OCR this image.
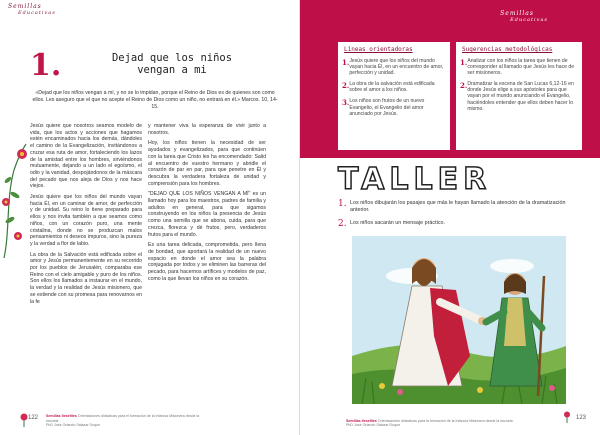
Semillas
Educativas
1.	Dejad que los niños
vengan a mi
«Dejad que los niños vengan a mí, y no se lo impidan, porque el Reino de Dios es de quienes son como ellos. Les aseguro que el que no acepte el Reino de Dios como un niño, no entrará en él.» Marcos. 10, 14-15.

Jesús quiere que nosotros seamos modelo de vida, que los actos y acciones que hagamos estén encaminados hacia los demás, dándoles el camino de la Evangelización, invitándonos a cruzar esa ruta de amor, fortaleciendo los lazos de la amistad entre los hombres, sirviéndonos mutuamente, dejando a un lado el egoísmo, el odio y la vanidad, despojándonos de la máscara del pecado que nos aleja de Dios y nos hace viejos.

Jesús quiere que los niños del mundo vayan hacia Él, en un caminar de amor, de perfección y de unidad. Su reino lo tiene preparado para ellos y nos invita también a que seamos como niños, con un corazón puro, una mente cristalina, donde no se produzcan malos pensamientos ni deseos impuros, sino la pureza y la verdad a flor de labio.

La obra de la Salvación está edificada sobre el amor y Jesús permanentemente en su recorrido por los pueblos de Jerusalén, comparaba ese Reino con el cielo amigable y puro de los niños. Son ellos los llamados a instaurar en el mundo, la verdad y la realidad de Jesús misionero, que se extiende con su promesa para renovarnos en la fe

y mantener viva la esperanza de vivir junto a nosotros.

Hoy, los niños tienen la necesidad de ser ayudados y evangelizados, para que continúen con la tarea que Cristo les ha encomendado: Salid al encuentro de vuestro hermano y abridle el corazón de par en par, para que penetre en Él y descubra la verdadera fortaleza de unidad y comprensión para los hombres.

"DEJAD QUE LOS NIÑOS VENGAN A MÍ" es un llamado hoy para los maestros, padres de familia y adultos en general, para que sigamos construyendo en los niños la presencia de Jesús como una semilla que se abona, cuida, para que crezca, florezca y dé frutos, pero, verdaderos frutos para el mundo.

Es una tarea delicada, comprometida, pero llena de bondad, que aportará la realidad de un nuevo espacio en donde el amor sea la palabra conjugada por todos y se eliminen las barreras del pecado, para hacernos artífices y modelos de paz, como la que llevan los niños en su corazón.

122 Semillas Ilesefiles Orientaciones didácticas para el formación de la Infancia Misionera desde la escuela
PhD José Orlando Salazar Duque
Semillas
Educativas
Líneas orientadoras
1. Jesús quiere que los niños del mundo vayan hacia Él, en un encuentro de amor, perfección y unidad.
2. La obra de la salvación está edificada sobre el amor a los niños.
3. Los niños son frutos de un nuevo Evangelio, el Evangelio del amor anunciado por Jesús.
Sugerencias metodológicas
1. Analizar con los niños la tarea que tienen de corresponder al llamado que Jesús les hace de ser misioneros.
2. Dramatizar la escena de San Lucas 6,12-16 en donde Jesús elige a sus apóstoles para que vayan por el mundo anunciando el Evangelio, haciéndoles entender que ellos deben hacer lo mismo.
TALLER
1. Los niños dibujarán los pasajes que más le hayan llamado la atención de la dramatización anterior.
2. Los niños sacarán un mensaje práctico.
123
Semillas Ilesefiles Orientaciones didácticas para la formación de la Infancia Misionera desde la escuela
PhD José Orlando Salazar Duque
